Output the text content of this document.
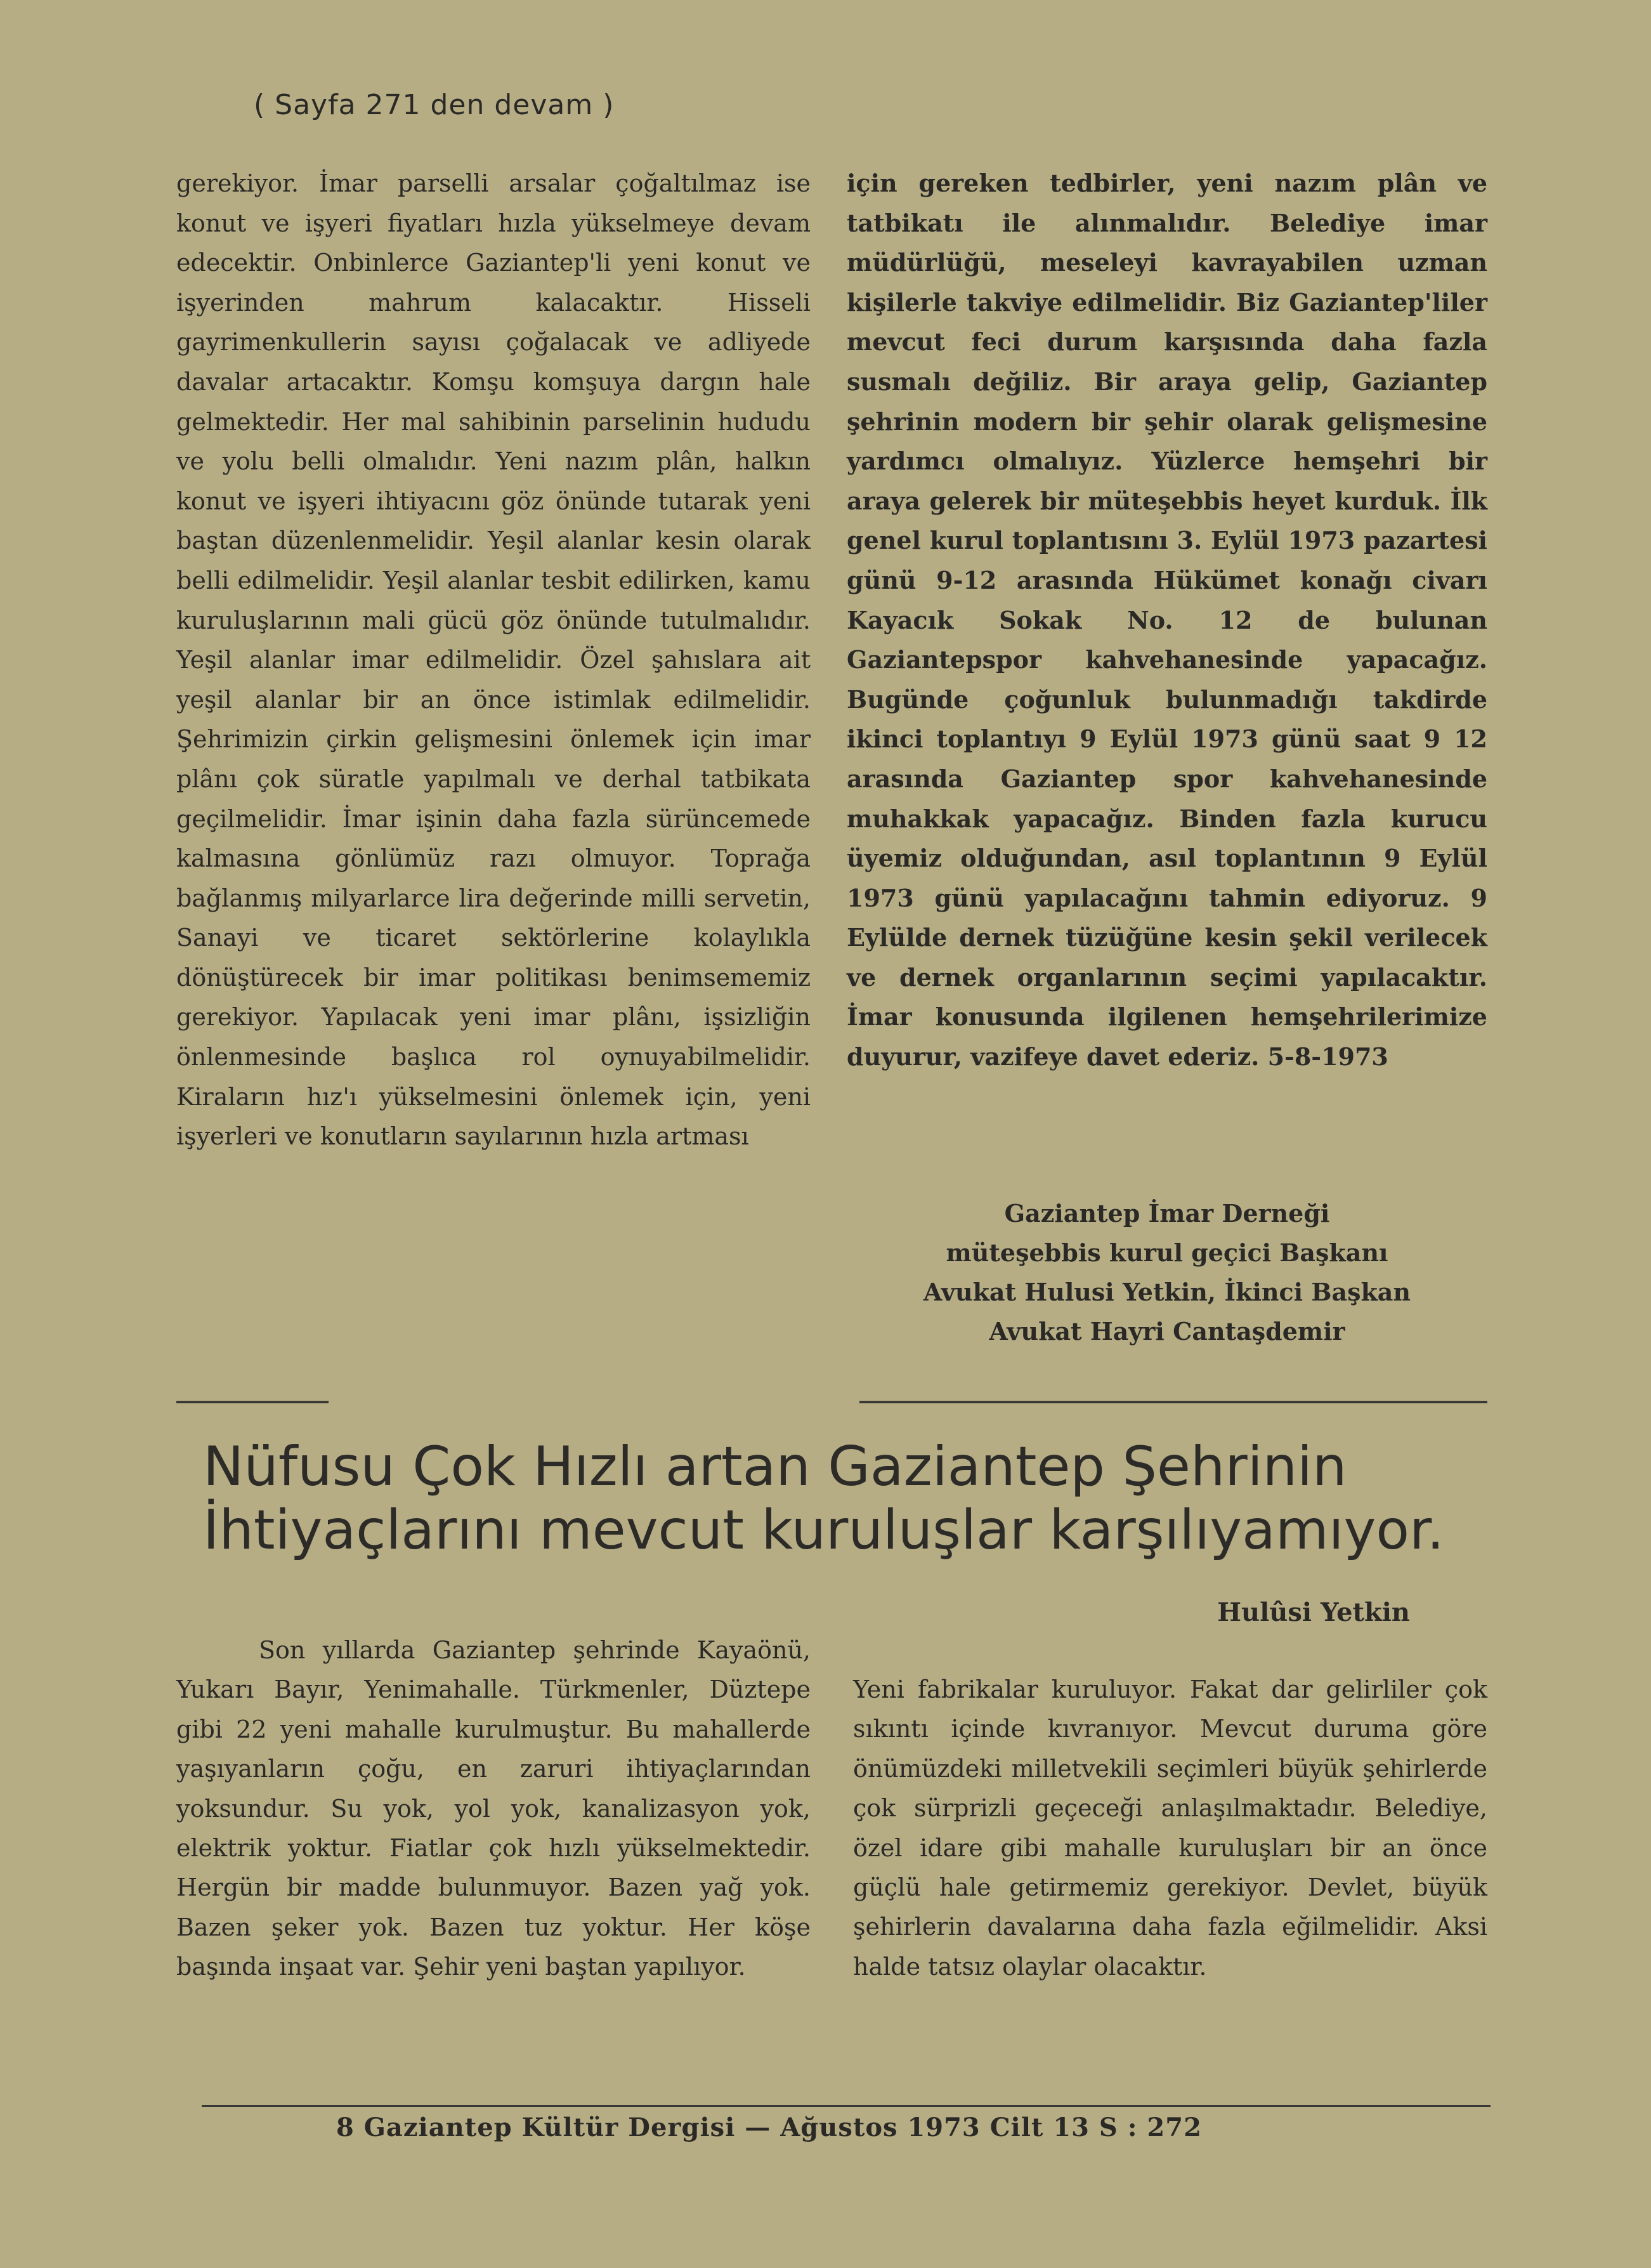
( Sayfa 271 den devam )

gerekiyor. İmar parselli arsalar çoğaltılmaz ise konut ve işyeri fiyatları hızla yükselmeye devam edecektir. Onbinlerce Gaziantep'li yeni konut ve işyerinden mahrum kalacaktır. Hisseli gayrimenkullerin sayısı çoğalacak ve adliyede davalar artacaktır. Komşu komşuya dargın hale gelmektedir. Her mal sahibinin parselinin hududu ve yolu belli olmalıdır. Yeni nazım plân, halkın konut ve işyeri ihtiyacını göz önünde tutarak yeni baştan düzenlenmelidir. Yeşil alanlar kesin olarak belli edilmelidir. Yeşil alanlar tesbit edilirken, kamu kuruluşlarının mali gücü göz önünde tutulmalıdır. Yeşil alanlar imar edilmelidir. Özel şahıslara ait yeşil alanlar bir an önce istimlak edilmelidir. Şehrimizin çirkin gelişmesini önlemek için imar plânı çok süratle yapılmalı ve derhal tatbikata geçilmelidir. İmar işinin daha fazla sürüncemede kalmasına gönlümüz razı olmuyor. Toprağa bağlanmış milyarlarce lira değerinde milli servetin, Sanayi ve ticaret sektörlerine kolaylıkla dönüştürecek bir imar politikası benimsememiz gerekiyor. Yapılacak yeni imar plânı, işsizliğin önlenmesinde başlıca rol oynuyabilmelidir. Kiraların hız'ı yükselmesini önlemek için, yeni işyerleri ve konutların sayılarının hızla artması

için gereken tedbirler, yeni nazım plân ve tatbikatı ile alınmalıdır. Belediye imar müdürlüğü, meseleyi kavrayabilen uzman kişilerle takviye edilmelidir. Biz Gaziantep'liler mevcut feci durum karşısında daha fazla susmalı değiliz. Bir araya gelip, Gaziantep şehrinin modern bir şehir olarak gelişmesine yardımcı olmalıyız. Yüzlerce hemşehri bir araya gelerek bir müteşebbis heyet kurduk. İlk genel kurul toplantısını 3. Eylül 1973 pazartesi günü 9-12 arasında Hükümet konağı civarı Kayacık Sokak No. 12 de bulunan Gaziantepspor kahvehanesinde yapacağız. Bugünde çoğunluk bulunmadığı takdirde ikinci toplantıyı 9 Eylül 1973 günü saat 9 12 arasında Gaziantep spor kahvehanesinde muhakkak yapacağız. Binden fazla kurucu üyemiz olduğundan, asıl toplantının 9 Eylül 1973 günü yapılacağını tahmin ediyoruz. 9 Eylülde dernek tüzüğüne kesin şekil verilecek ve dernek organlarının seçimi yapılacaktır. İmar konusunda ilgilenen hemşehrilerimize duyurur, vazifeye davet ederiz. 5-8-1973

Gaziantep İmar Derneği
müteşebbis kurul geçici Başkanı
Avukat Hulusi Yetkin, İkinci Başkan
Avukat Hayri Cantaşdemir
Nüfusu Çok Hızlı artan Gaziantep Şehrinin
İhtiyaçlarını mevcut kuruluşlar karşılıyamıyor.
Hulûsi Yetkin

Son yıllarda Gaziantep şehrinde Kayaönü, Yukarı Bayır, Yenimahalle. Türkmenler, Düztepe gibi 22 yeni mahalle kurulmuştur. Bu mahallerde yaşıyanların çoğu, en zaruri ihtiyaçlarından yoksundur. Su yok, yol yok, kanalizasyon yok, elektrik yoktur. Fiatlar çok hızlı yükselmektedir. Hergün bir madde bulunmuyor. Bazen yağ yok. Bazen şeker yok. Bazen tuz yoktur. Her köşe başında inşaat var. Şehir yeni baştan yapılıyor.

Yeni fabrikalar kuruluyor. Fakat dar gelirliler çok sıkıntı içinde kıvranıyor. Mevcut duruma göre önümüzdeki milletvekili seçimleri büyük şehirlerde çok sürprizli geçeceği anlaşılmaktadır. Belediye, özel idare gibi mahalle kuruluşları bir an önce güçlü hale getirmemiz gerekiyor. Devlet, büyük şehirlerin davalarına daha fazla eğilmelidir. Aksi halde tatsız olaylar olacaktır.

8 Gaziantep Kültür Dergisi — Ağustos 1973 Cilt 13 S : 272
